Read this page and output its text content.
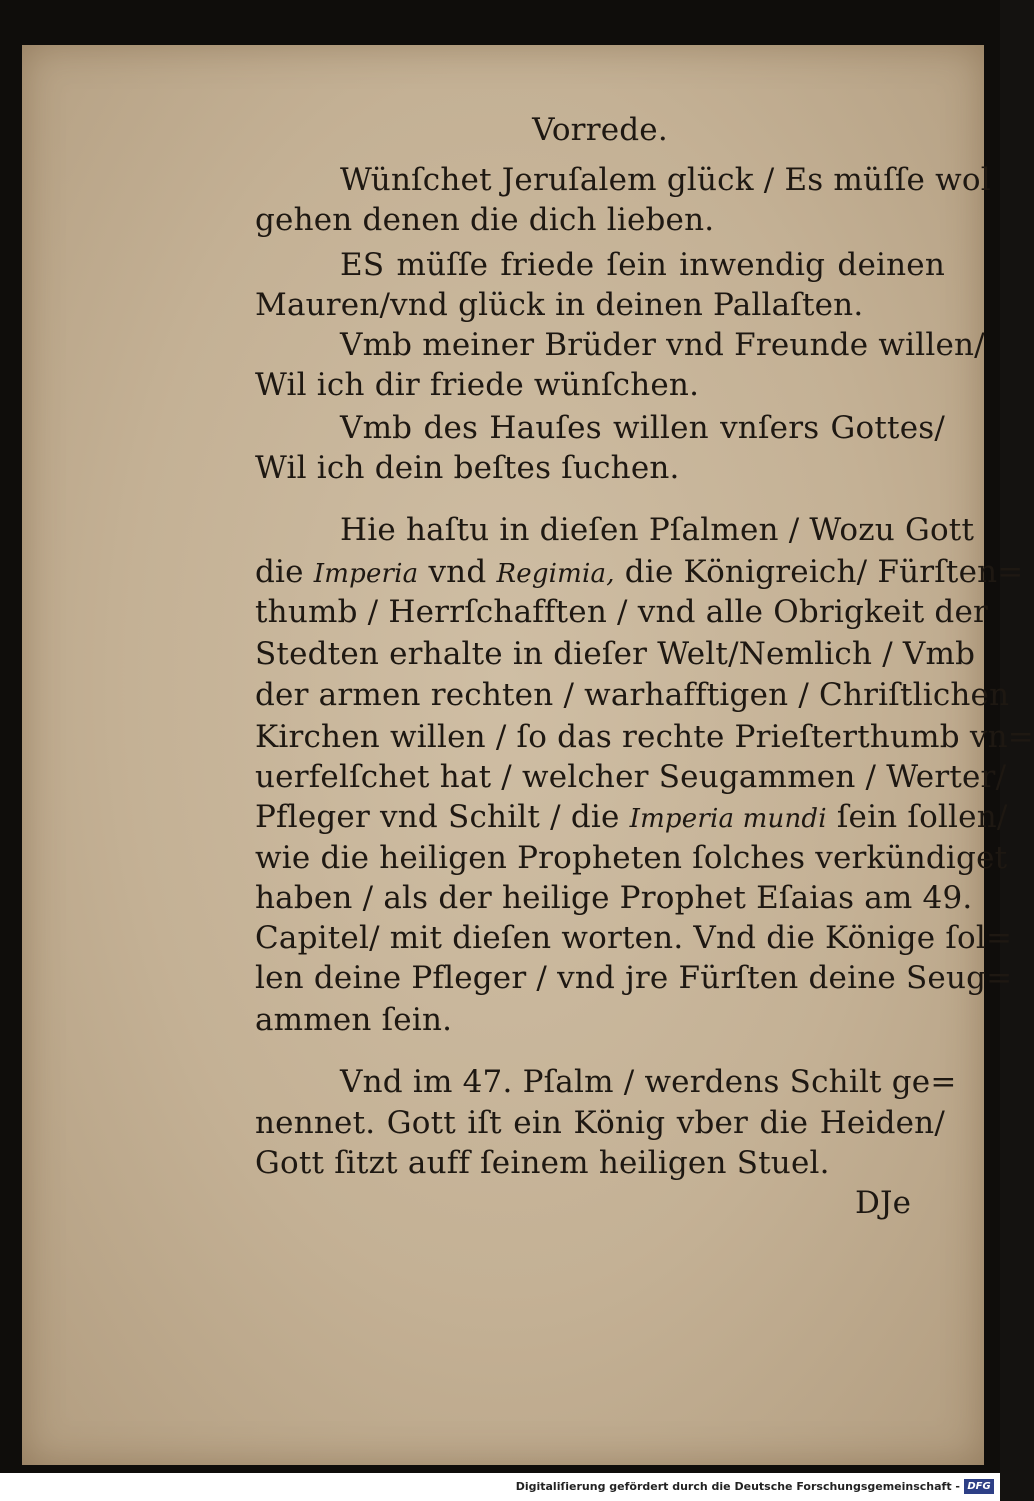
Vorrede.
Wünſchet Jeruſalem glück / Es müſſe wol
gehen denen die dich lieben.
ES müſſe friede ſein inwendig deinen
Mauren/vnd glück in deinen Pallaſten.
Vmb meiner Brüder vnd Freunde willen/
Wil ich dir friede wünſchen.
Vmb des Hauſes willen vnſers Gottes/
Wil ich dein beſtes ſuchen.
Hie haſtu in dieſen Pſalmen / Wozu Gott
die Imperia vnd Regimia, die Königreich/ Fürſten=
thumb / Herrſchafften / vnd alle Obrigkeit der
Stedten erhalte in dieſer Welt/Nemlich / Vmb
der armen rechten / warhafftigen / Chriſtlichen
Kirchen willen / ſo das rechte Prieſterthumb vn=
uerfelſchet hat / welcher Seugammen / Werter/
Pfleger vnd Schilt / die Imperia mundi ſein ſollen/
wie die heiligen Propheten ſolches verkündiget
haben / als der heilige Prophet Eſaias am 49.
Capitel/ mit dieſen worten. Vnd die Könige ſol=
len deine Pfleger / vnd jre Fürſten deine Seug=
ammen ſein.
Vnd im 47. Pſalm / werdens Schilt ge=
nennet. Gott iſt ein König vber die Heiden/
Gott ſitzt auff ſeinem heiligen Stuel.
DJe
Digitaliſierung gefördert durch die Deutsche Forschungsgemeinschaft - DFG
